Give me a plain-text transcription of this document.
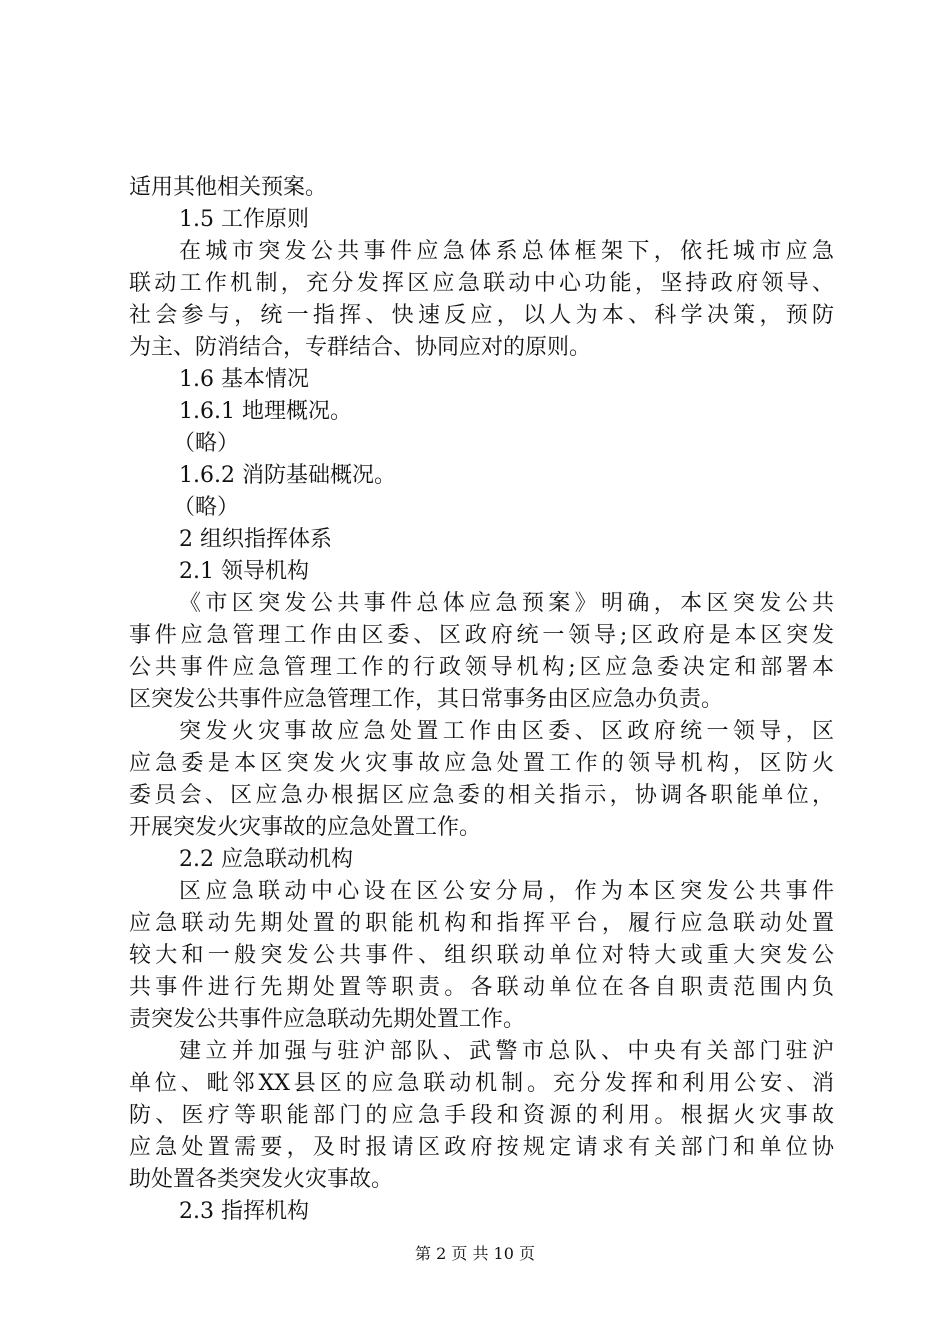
适用其他相关预案。
1.5 工作原则
在城市突发公共事件应急体系总体框架下，依托城市应急
联动工作机制，充分发挥区应急联动中心功能，坚持政府领导、
社会参与，统一指挥、快速反应，以人为本、科学决策，预防
为主、防消结合，专群结合、协同应对的原则。
1.6 基本情况
1.6.1 地理概况。
（略）
1.6.2 消防基础概况。
（略）
2 组织指挥体系
2.1 领导机构
《市区突发公共事件总体应急预案》明确，本区突发公共
事件应急管理工作由区委、区政府统一领导;区政府是本区突发
公共事件应急管理工作的行政领导机构;区应急委决定和部署本
区突发公共事件应急管理工作，其日常事务由区应急办负责。
突发火灾事故应急处置工作由区委、区政府统一领导，区
应急委是本区突发火灾事故应急处置工作的领导机构，区防火
委员会、区应急办根据区应急委的相关指示，协调各职能单位，
开展突发火灾事故的应急处置工作。
2.2 应急联动机构
区应急联动中心设在区公安分局，作为本区突发公共事件
应急联动先期处置的职能机构和指挥平台，履行应急联动处置
较大和一般突发公共事件、组织联动单位对特大或重大突发公
共事件进行先期处置等职责。各联动单位在各自职责范围内负
责突发公共事件应急联动先期处置工作。
建立并加强与驻沪部队、武警市总队、中央有关部门驻沪
单位、毗邻XX县区的应急联动机制。充分发挥和利用公安、消
防、医疗等职能部门的应急手段和资源的利用。根据火灾事故
应急处置需要，及时报请区政府按规定请求有关部门和单位协
助处置各类突发火灾事故。
2.3 指挥机构
第 2 页 共 10 页
